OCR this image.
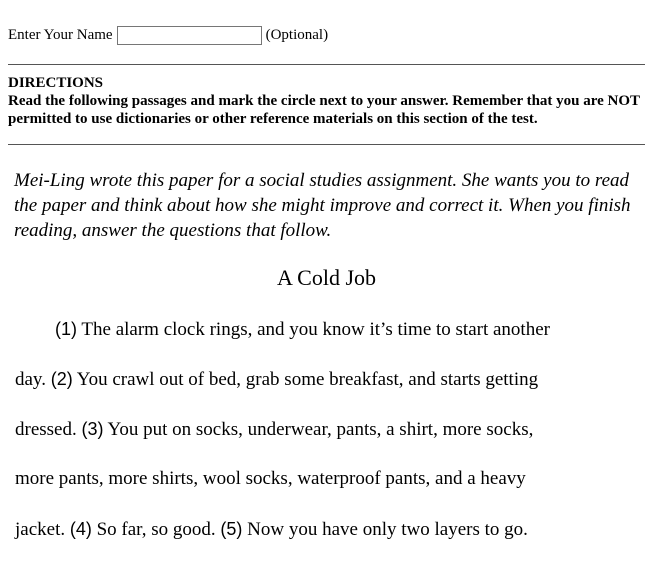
Enter Your Name	(Optional)
DIRECTIONS
Read the following passages and mark the circle next to your answer. Remember that you are NOT permitted to use dictionaries or other reference materials on this section of the test.
Mei-Ling wrote this paper for a social studies assignment. She wants you to read the paper and think about how she might improve and correct it. When you finish reading, answer the questions that follow.
A Cold Job
(1) The alarm clock rings, and you know it’s time to start another
day. (2) You crawl out of bed, grab some breakfast, and starts getting
dressed. (3) You put on socks, underwear, pants, a shirt, more socks,
more pants, more shirts, wool socks, waterproof pants, and a heavy
jacket. (4) So far, so good. (5) Now you have only two layers to go.
